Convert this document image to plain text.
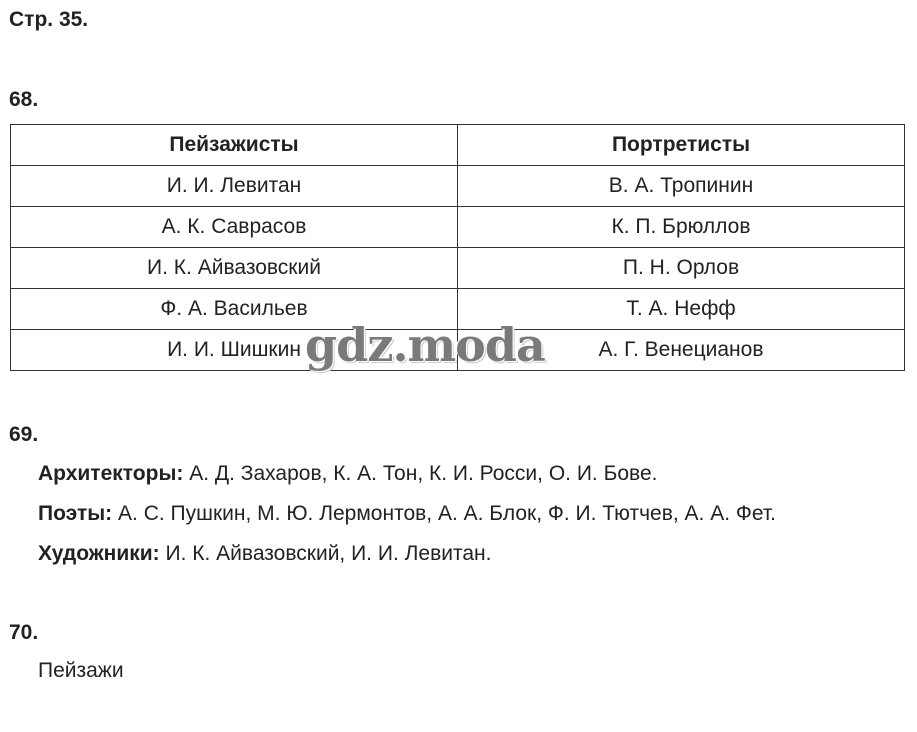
Стр. 35.
68.
Пейзажисты	Портретисты
И. И. Левитан	В. А. Тропинин
А. К. Саврасов	К. П. Брюллов
И. К. Айвазовский	П. Н. Орлов
Ф. А. Васильев	Т. А. Нефф
И. И. Шишкин	А. Г. Венецианов
gdz.moda
69.
Архитекторы: А. Д. Захаров, К. А. Тон, К. И. Росси, О. И. Бове.
Поэты: А. С. Пушкин, М. Ю. Лермонтов, А. А. Блок, Ф. И. Тютчев, А. А. Фет.
Художники: И. К. Айвазовский, И. И. Левитан.
70.
Пейзажи
